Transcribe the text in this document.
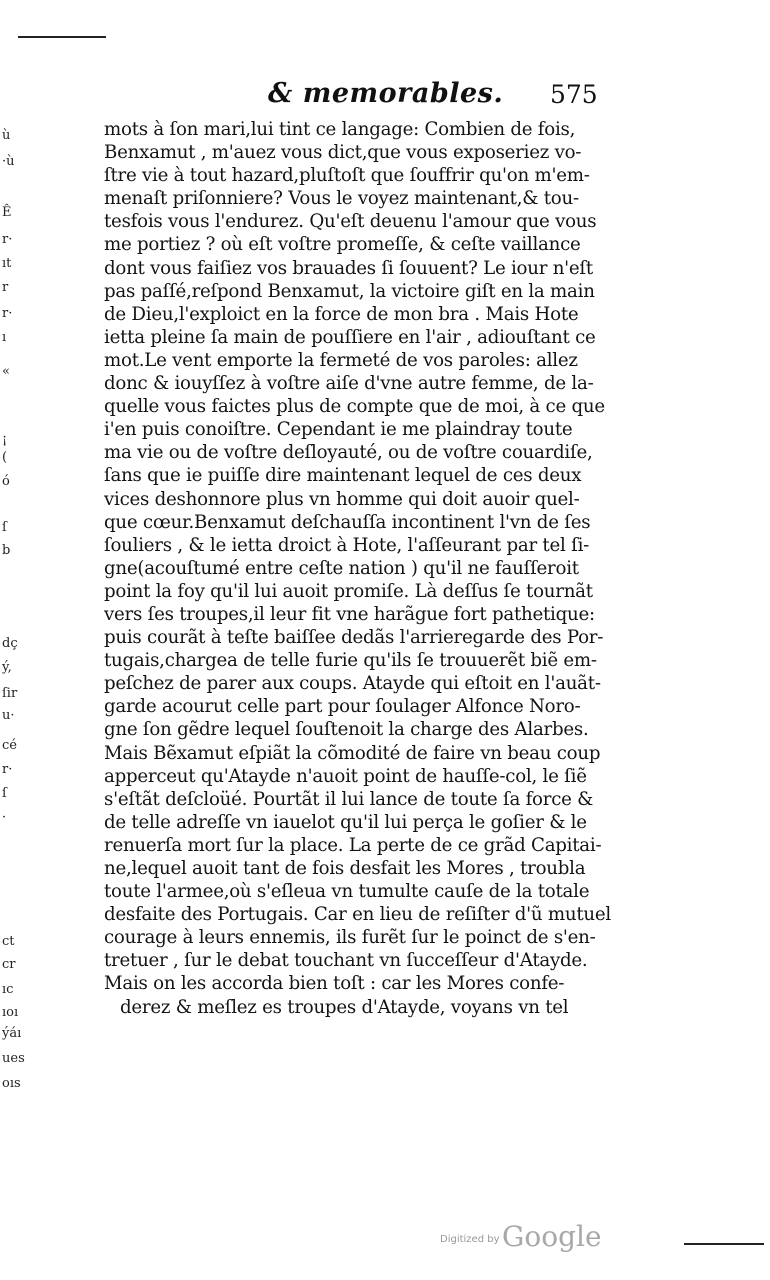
& memorables. 575
ù
·ù
Ê
r·
ıt
r
r·
ı
«
¡
(
ó
ſ
b
dç
ý,
ſir
u·
cé
r·
ſ
·
ct
cr
ıc
ıoı
ýáı
ues
oıs
mots à ſon mari,lui tint ce langage: Combien de fois,
Benxamut , m'auez vous dict,que vous exposeriez vo-
ſtre vie à tout hazard,pluſtoſt que ſouffrir qu'on m'em-
menaſt priſonniere? Vous le voyez maintenant,& tou-
tesfois vous l'endurez. Qu'eſt deuenu l'amour que vous
me portiez ? où eſt voſtre promeſſe, & ceſte vaillance
dont vous faiſiez vos brauades ſi ſouuent? Le iour n'eſt
pas paſſé,reſpond Benxamut, la victoire giſt en la main
de Dieu,l'exploict en la force de mon bra . Mais Hote
ietta pleine ſa main de pouſſiere en l'air , adiouſtant ce
mot.Le vent emporte la fermeté de vos paroles: allez
donc & iouyſſez à voſtre aiſe d'vne autre femme, de la-
quelle vous faictes plus de compte que de moi, à ce que
i'en puis conoiſtre. Cependant ie me plaindray toute
ma vie ou de voſtre deſloyauté, ou de voſtre couardiſe,
ſans que ie puiſſe dire maintenant lequel de ces deux
vices deshonnore plus vn homme qui doit auoir quel-
que cœur.Benxamut deſchauſſa incontinent l'vn de ſes
ſouliers , & le ietta droict à Hote, l'aſſeurant par tel ſi-
gne(acouſtumé entre ceſte nation ) qu'il ne fauſſeroit
point la foy qu'il lui auoit promiſe. Là deſſus ſe tournãt
vers ſes troupes,il leur fit vne harãgue fort pathetique:
puis courãt à teſte baiſſee dedãs l'arrieregarde des Por-
tugais,chargea de telle furie qu'ils ſe trouuerẽt biẽ em-
peſchez de parer aux coups. Atayde qui eſtoit en l'auãt-
garde acourut celle part pour ſoulager Alfonce Noro-
gne ſon gẽdre lequel ſouſtenoit la charge des Alarbes.
Mais Bẽxamut eſpiãt la cõmodité de faire vn beau coup
apperceut qu'Atayde n'auoit point de hauſſe-col, le ſiẽ
s'eſtãt deſcloüé. Pourtãt il lui lance de toute ſa force &
de telle adreſſe vn iauelot qu'il lui perça le goſier & le
renuerſa mort ſur la place. La perte de ce grãd Capitai-
ne,lequel auoit tant de fois desfait les Mores , troubla
toute l'armee,où s'eſleua vn tumulte cauſe de la totale
desfaite des Portugais. Car en lieu de reſiſter d'ũ mutuel
courage à leurs ennemis, ils furẽt ſur le poinct de s'en-
tretuer , ſur le debat touchant vn ſucceſſeur d'Atayde.
Mais on les accorda bien toſt : car les Mores confe-
derez & meſlez es troupes d'Atayde, voyans vn tel
Digitized by Google
